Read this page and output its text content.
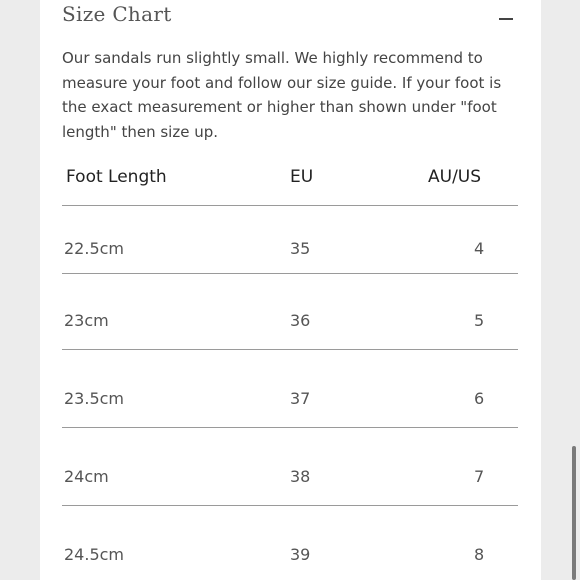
Size Chart
Our sandals run slightly small. We highly recommend to measure your foot and follow our size guide. If your foot is the exact measurement or higher than shown under "foot length" then size up.
Foot Length	EU	AU/US
22.5cm	35	4
23cm	36	5
23.5cm	37	6
24cm	38	7
24.5cm	39	8
